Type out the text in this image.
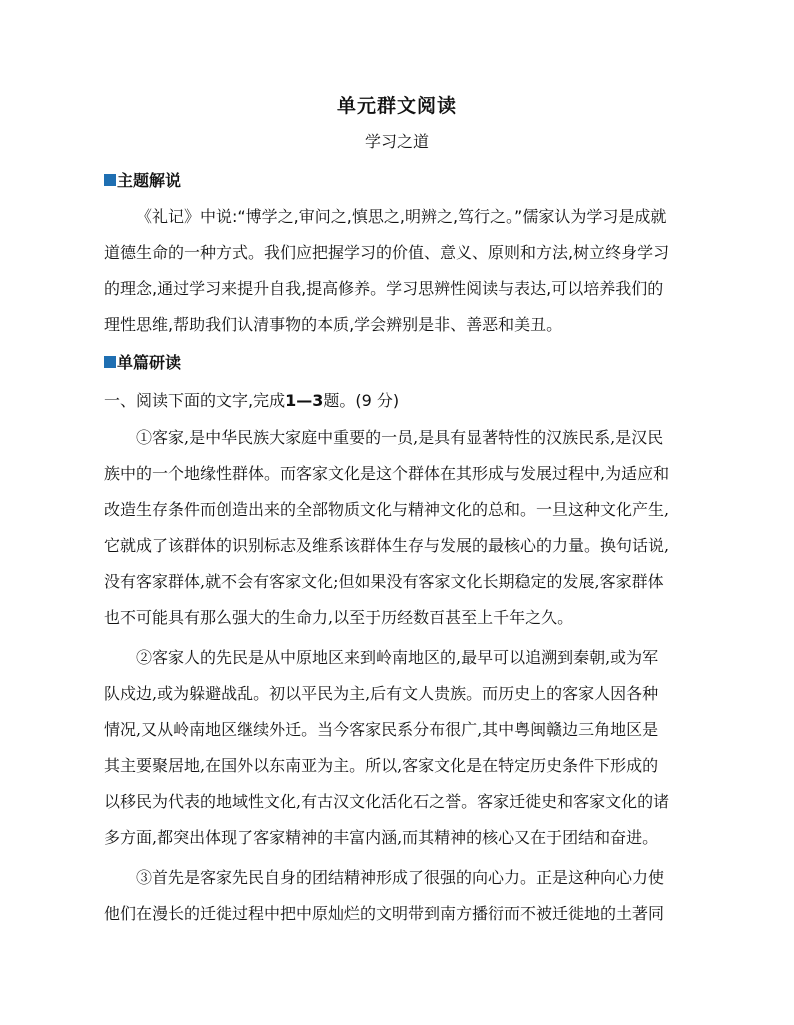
单元群文阅读
学习之道
主题解说
《礼记》中说:“博学之,审问之,慎思之,明辨之,笃行之。”儒家认为学习是成就
道德生命的一种方式。我们应把握学习的价值、意义、原则和方法,树立终身学习
的理念,通过学习来提升自我,提高修养。学习思辨性阅读与表达,可以培养我们的
理性思维,帮助我们认清事物的本质,学会辨别是非、善恶和美丑。
单篇研读
一、阅读下面的文字,完成1—3题。(9 分)
①客家,是中华民族大家庭中重要的一员,是具有显著特性的汉族民系,是汉民
族中的一个地缘性群体。而客家文化是这个群体在其形成与发展过程中,为适应和
改造生存条件而创造出来的全部物质文化与精神文化的总和。一旦这种文化产生,
它就成了该群体的识别标志及维系该群体生存与发展的最核心的力量。换句话说,
没有客家群体,就不会有客家文化;但如果没有客家文化长期稳定的发展,客家群体
也不可能具有那么强大的生命力,以至于历经数百甚至上千年之久。
②客家人的先民是从中原地区来到岭南地区的,最早可以追溯到秦朝,或为军
队戍边,或为躲避战乱。初以平民为主,后有文人贵族。而历史上的客家人因各种
情况,又从岭南地区继续外迁。当今客家民系分布很广,其中粤闽赣边三角地区是
其主要聚居地,在国外以东南亚为主。所以,客家文化是在特定历史条件下形成的
以移民为代表的地域性文化,有古汉文化活化石之誉。客家迁徙史和客家文化的诸
多方面,都突出体现了客家精神的丰富内涵,而其精神的核心又在于团结和奋进。
③首先是客家先民自身的团结精神形成了很强的向心力。正是这种向心力使
他们在漫长的迁徙过程中把中原灿烂的文明带到南方播衍而不被迁徙地的土著同
